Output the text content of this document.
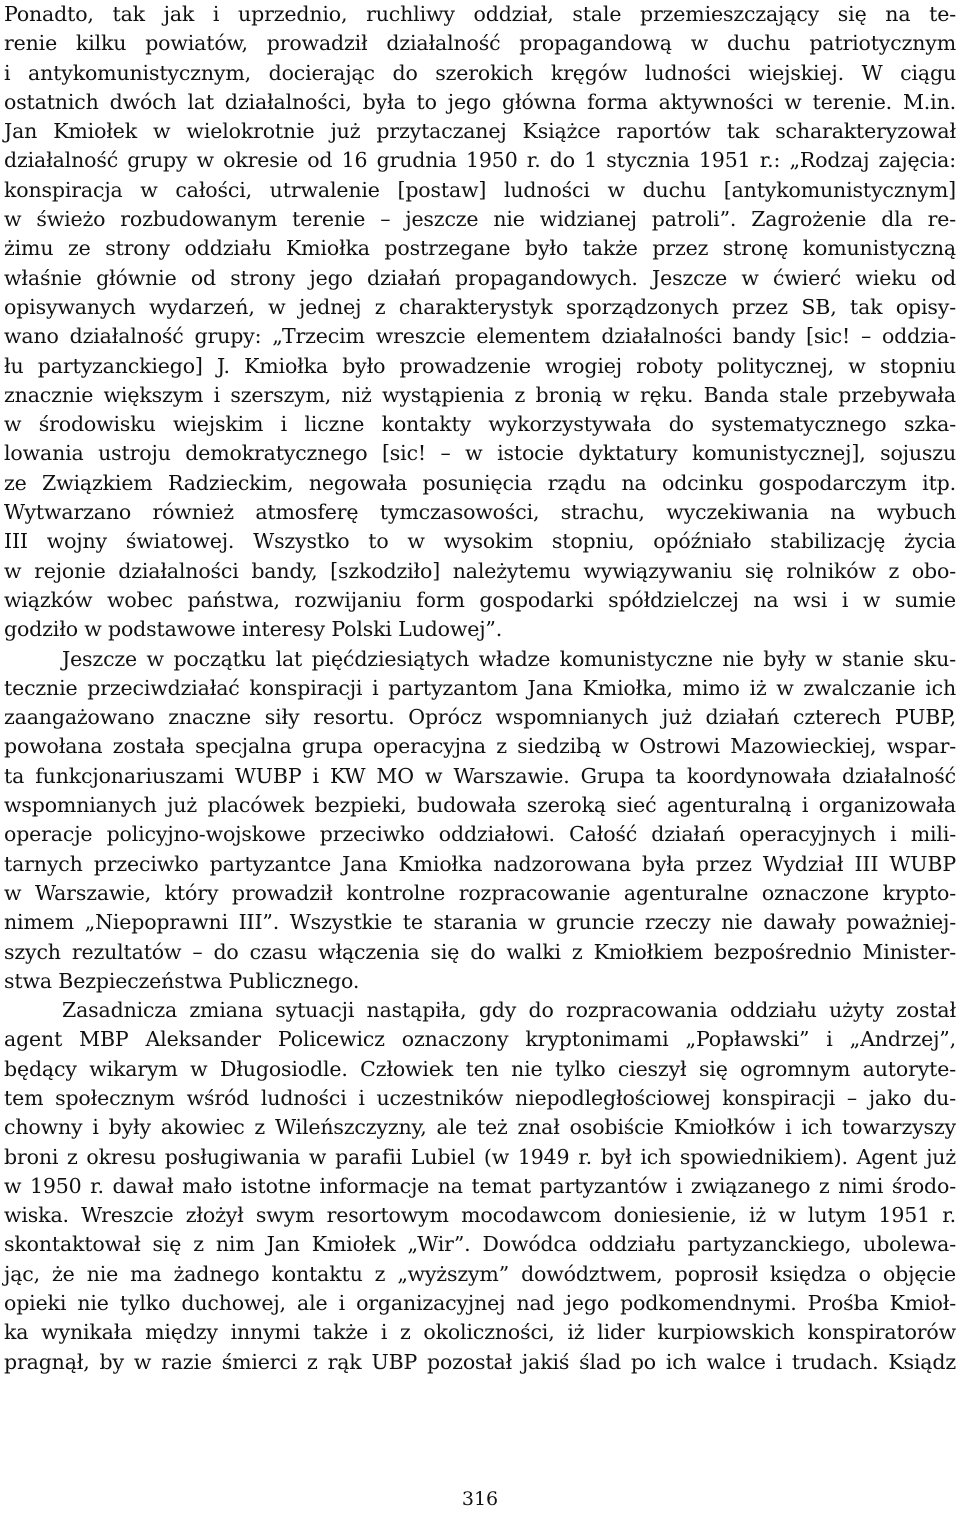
Ponadto, tak jak i uprzednio, ruchliwy oddział, stale przemieszczający się na te-
renie kilku powiatów, prowadził działalność propagandową w duchu patriotycznym
i antykomunistycznym, docierając do szerokich kręgów ludności wiejskiej. W ciągu
ostatnich dwóch lat działalności, była to jego główna forma aktywności w terenie. M.in.
Jan Kmiołek w wielokrotnie już przytaczanej Książce raportów tak scharakteryzował
działalność grupy w okresie od 16 grudnia 1950 r. do 1 stycznia 1951 r.: „Rodzaj zajęcia:
konspiracja w całości, utrwalenie [postaw] ludności w duchu [antykomunistycznym]
w świeżo rozbudowanym terenie – jeszcze nie widzianej patroli”. Zagrożenie dla re-
żimu ze strony oddziału Kmiołka postrzegane było także przez stronę komunistyczną
właśnie głównie od strony jego działań propagandowych. Jeszcze w ćwierć wieku od
opisywanych wydarzeń, w jednej z charakterystyk sporządzonych przez SB, tak opisy-
wano działalność grupy: „Trzecim wreszcie elementem działalności bandy [sic! – oddzia-
łu partyzanckiego] J. Kmiołka było prowadzenie wrogiej roboty politycznej, w stopniu
znacznie większym i szerszym, niż wystąpienia z bronią w ręku. Banda stale przebywała
w środowisku wiejskim i liczne kontakty wykorzystywała do systematycznego szka-
lowania ustroju demokratycznego [sic! – w istocie dyktatury komunistycznej], sojuszu
ze Związkiem Radzieckim, negowała posunięcia rządu na odcinku gospodarczym itp.
Wytwarzano również atmosferę tymczasowości, strachu, wyczekiwania na wybuch
III wojny światowej. Wszystko to w wysokim stopniu, opóźniało stabilizację życia
w rejonie działalności bandy, [szkodziło] należytemu wywiązywaniu się rolników z obo-
wiązków wobec państwa, rozwijaniu form gospodarki spółdzielczej na wsi i w sumie
godziło w podstawowe interesy Polski Ludowej”.
Jeszcze w początku lat pięćdziesiątych władze komunistyczne nie były w stanie sku-
tecznie przeciwdziałać konspiracji i partyzantom Jana Kmiołka, mimo iż w zwalczanie ich
zaangażowano znaczne siły resortu. Oprócz wspomnianych już działań czterech PUBP,
powołana została specjalna grupa operacyjna z siedzibą w Ostrowi Mazowieckiej, wspar-
ta funkcjonariuszami WUBP i KW MO w Warszawie. Grupa ta koordynowała działalność
wspomnianych już placówek bezpieki, budowała szeroką sieć agenturalną i organizowała
operacje policyjno-wojskowe przeciwko oddziałowi. Całość działań operacyjnych i mili-
tarnych przeciwko partyzantce Jana Kmiołka nadzorowana była przez Wydział III WUBP
w Warszawie, który prowadził kontrolne rozpracowanie agenturalne oznaczone krypto-
nimem „Niepoprawni III”. Wszystkie te starania w gruncie rzeczy nie dawały poważniej-
szych rezultatów – do czasu włączenia się do walki z Kmiołkiem bezpośrednio Minister-
stwa Bezpieczeństwa Publicznego.
Zasadnicza zmiana sytuacji nastąpiła, gdy do rozpracowania oddziału użyty został
agent MBP Aleksander Policewicz oznaczony kryptonimami „Popławski” i „Andrzej”,
będący wikarym w Długosiodle. Człowiek ten nie tylko cieszył się ogromnym autoryte-
tem społecznym wśród ludności i uczestników niepodległościowej konspiracji – jako du-
chowny i były akowiec z Wileńszczyzny, ale też znał osobiście Kmiołków i ich towarzyszy
broni z okresu posługiwania w parafii Lubiel (w 1949 r. był ich spowiednikiem). Agent już
w 1950 r. dawał mało istotne informacje na temat partyzantów i związanego z nimi środo-
wiska. Wreszcie złożył swym resortowym mocodawcom doniesienie, iż w lutym 1951 r.
skontaktował się z nim Jan Kmiołek „Wir”. Dowódca oddziału partyzanckiego, ubolewa-
jąc, że nie ma żadnego kontaktu z „wyższym” dowództwem, poprosił księdza o objęcie
opieki nie tylko duchowej, ale i organizacyjnej nad jego podkomendnymi. Prośba Kmioł-
ka wynikała między innymi także i z okoliczności, iż lider kurpiowskich konspiratorów
pragnął, by w razie śmierci z rąk UBP pozostał jakiś ślad po ich walce i trudach. Ksiądz
316
